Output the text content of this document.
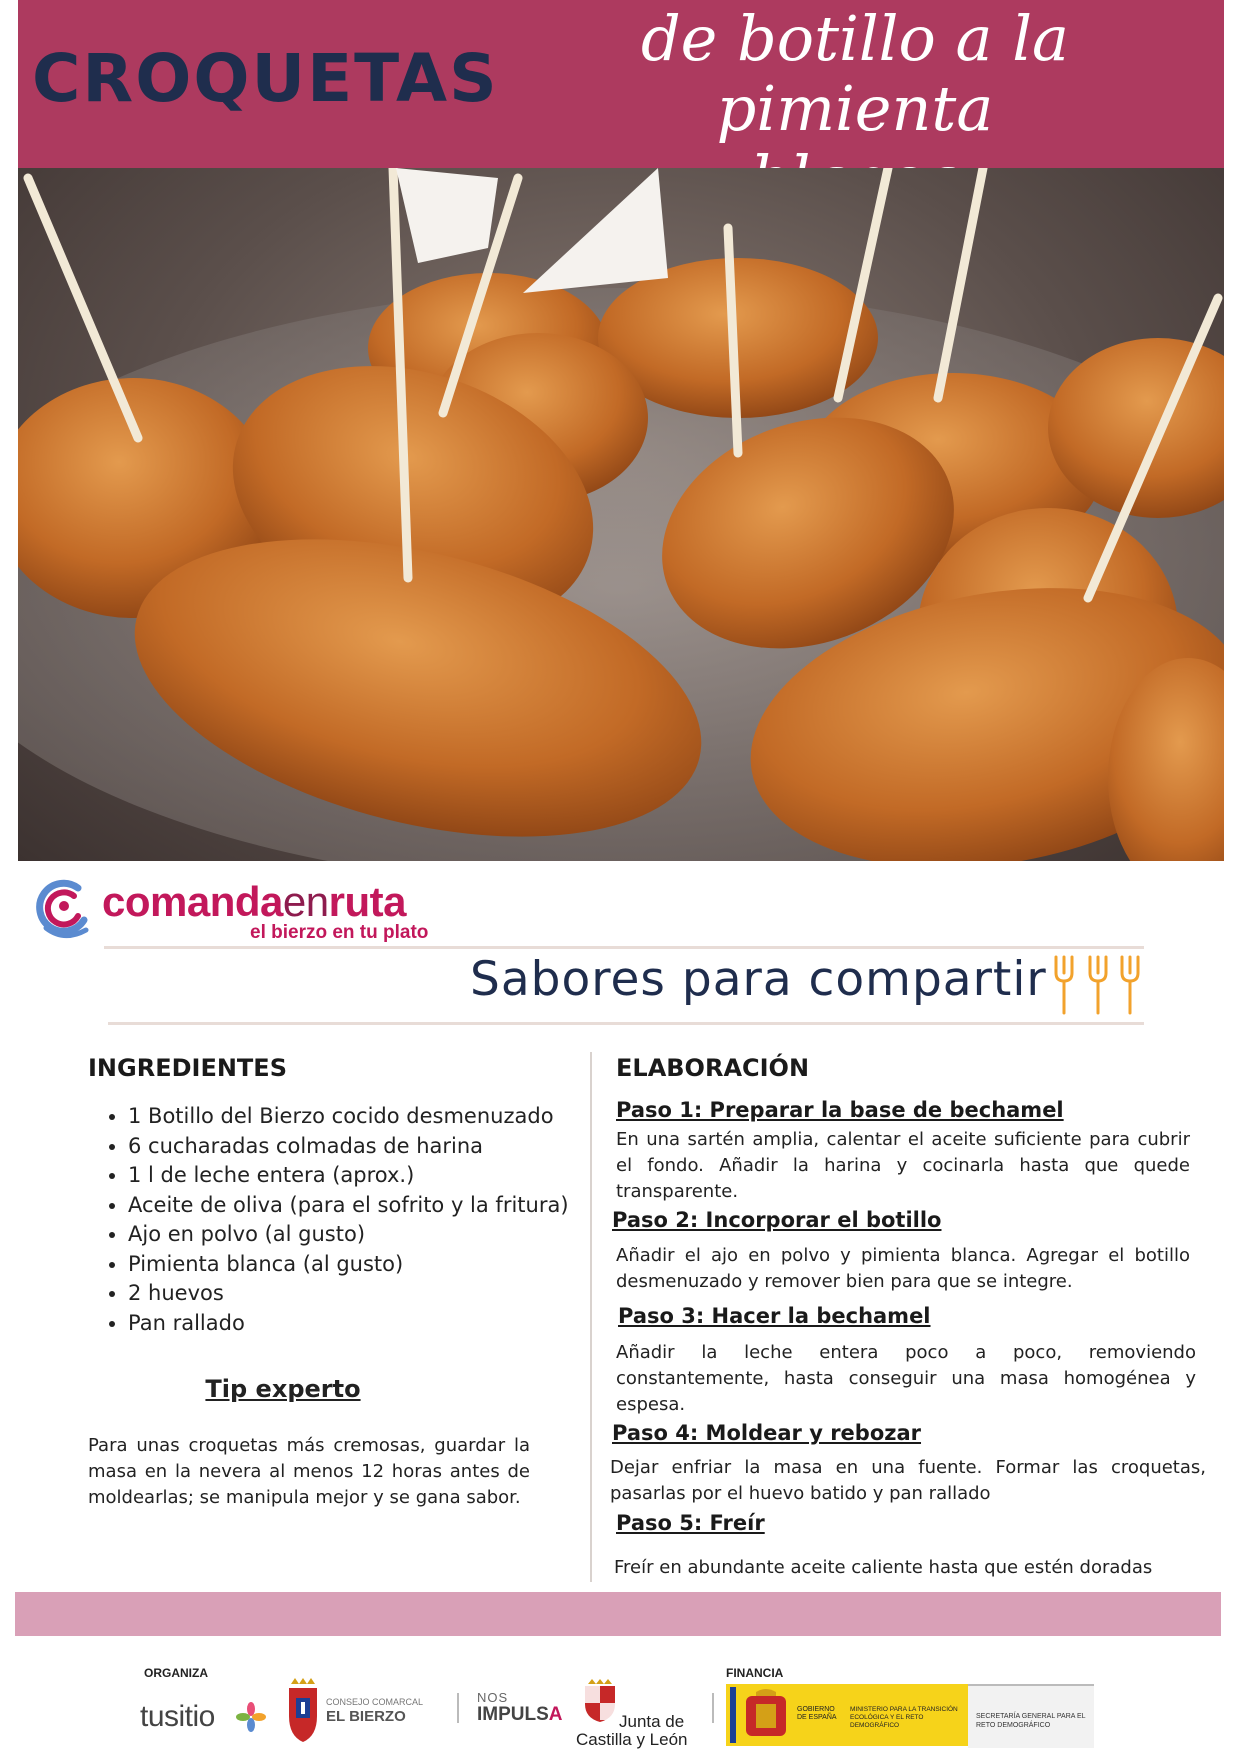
CROQUETAS
de botillo a la pimienta
comandaenruta
el bierzo en tu plato
Sabores para compartir
INGREDIENTES
• 1 Botillo del Bierzo cocido desmenuzado
• 6 cucharadas colmadas de harina
• 1 l de leche entera (aprox.)
• Aceite de oliva (para el sofrito y la fritura)
• Ajo en polvo (al gusto)
• Pimienta blanca (al gusto)
• 2 huevos
• Pan rallado
Tip experto
Para unas croquetas más cremosas, guardar la masa en la nevera al menos 12 horas antes de moldearlas; se manipula mejor y se gana sabor.
ELABORACIÓN
Paso 1: Preparar la base de bechamel
En una sartén amplia, calentar el aceite suficiente para cubrir el fondo. Añadir la harina y cocinarla hasta que quede transparente.
Paso 2: Incorporar el botillo
Añadir el ajo en polvo y pimienta blanca. Agregar el botillo desmenuzado y remover bien para que se integre.
Paso 3: Hacer la bechamel
Añadir la leche entera poco a poco, removiendo constantemente, hasta conseguir una masa homogénea y espesa.
Paso 4: Moldear y rebozar
Dejar enfriar la masa en una fuente. Formar las croquetas, pasarlas por el huevo batido y pan rallado
Paso 5: Freír
Freír en abundante aceite caliente hasta que estén doradas
ORGANIZA	FINANCIA
tusitio	CONSEJO COMARCAL
EL BIERZO
NOS
IMPULSA	Junta de
Castilla y León
GOBIERNO DE ESPAÑA
MINISTERIO PARA LA TRANSICIÓN ECOLÓGICA Y EL RETO DEMOGRÁFICO
SECRETARÍA GENERAL PARA EL RETO DEMOGRÁFICO
